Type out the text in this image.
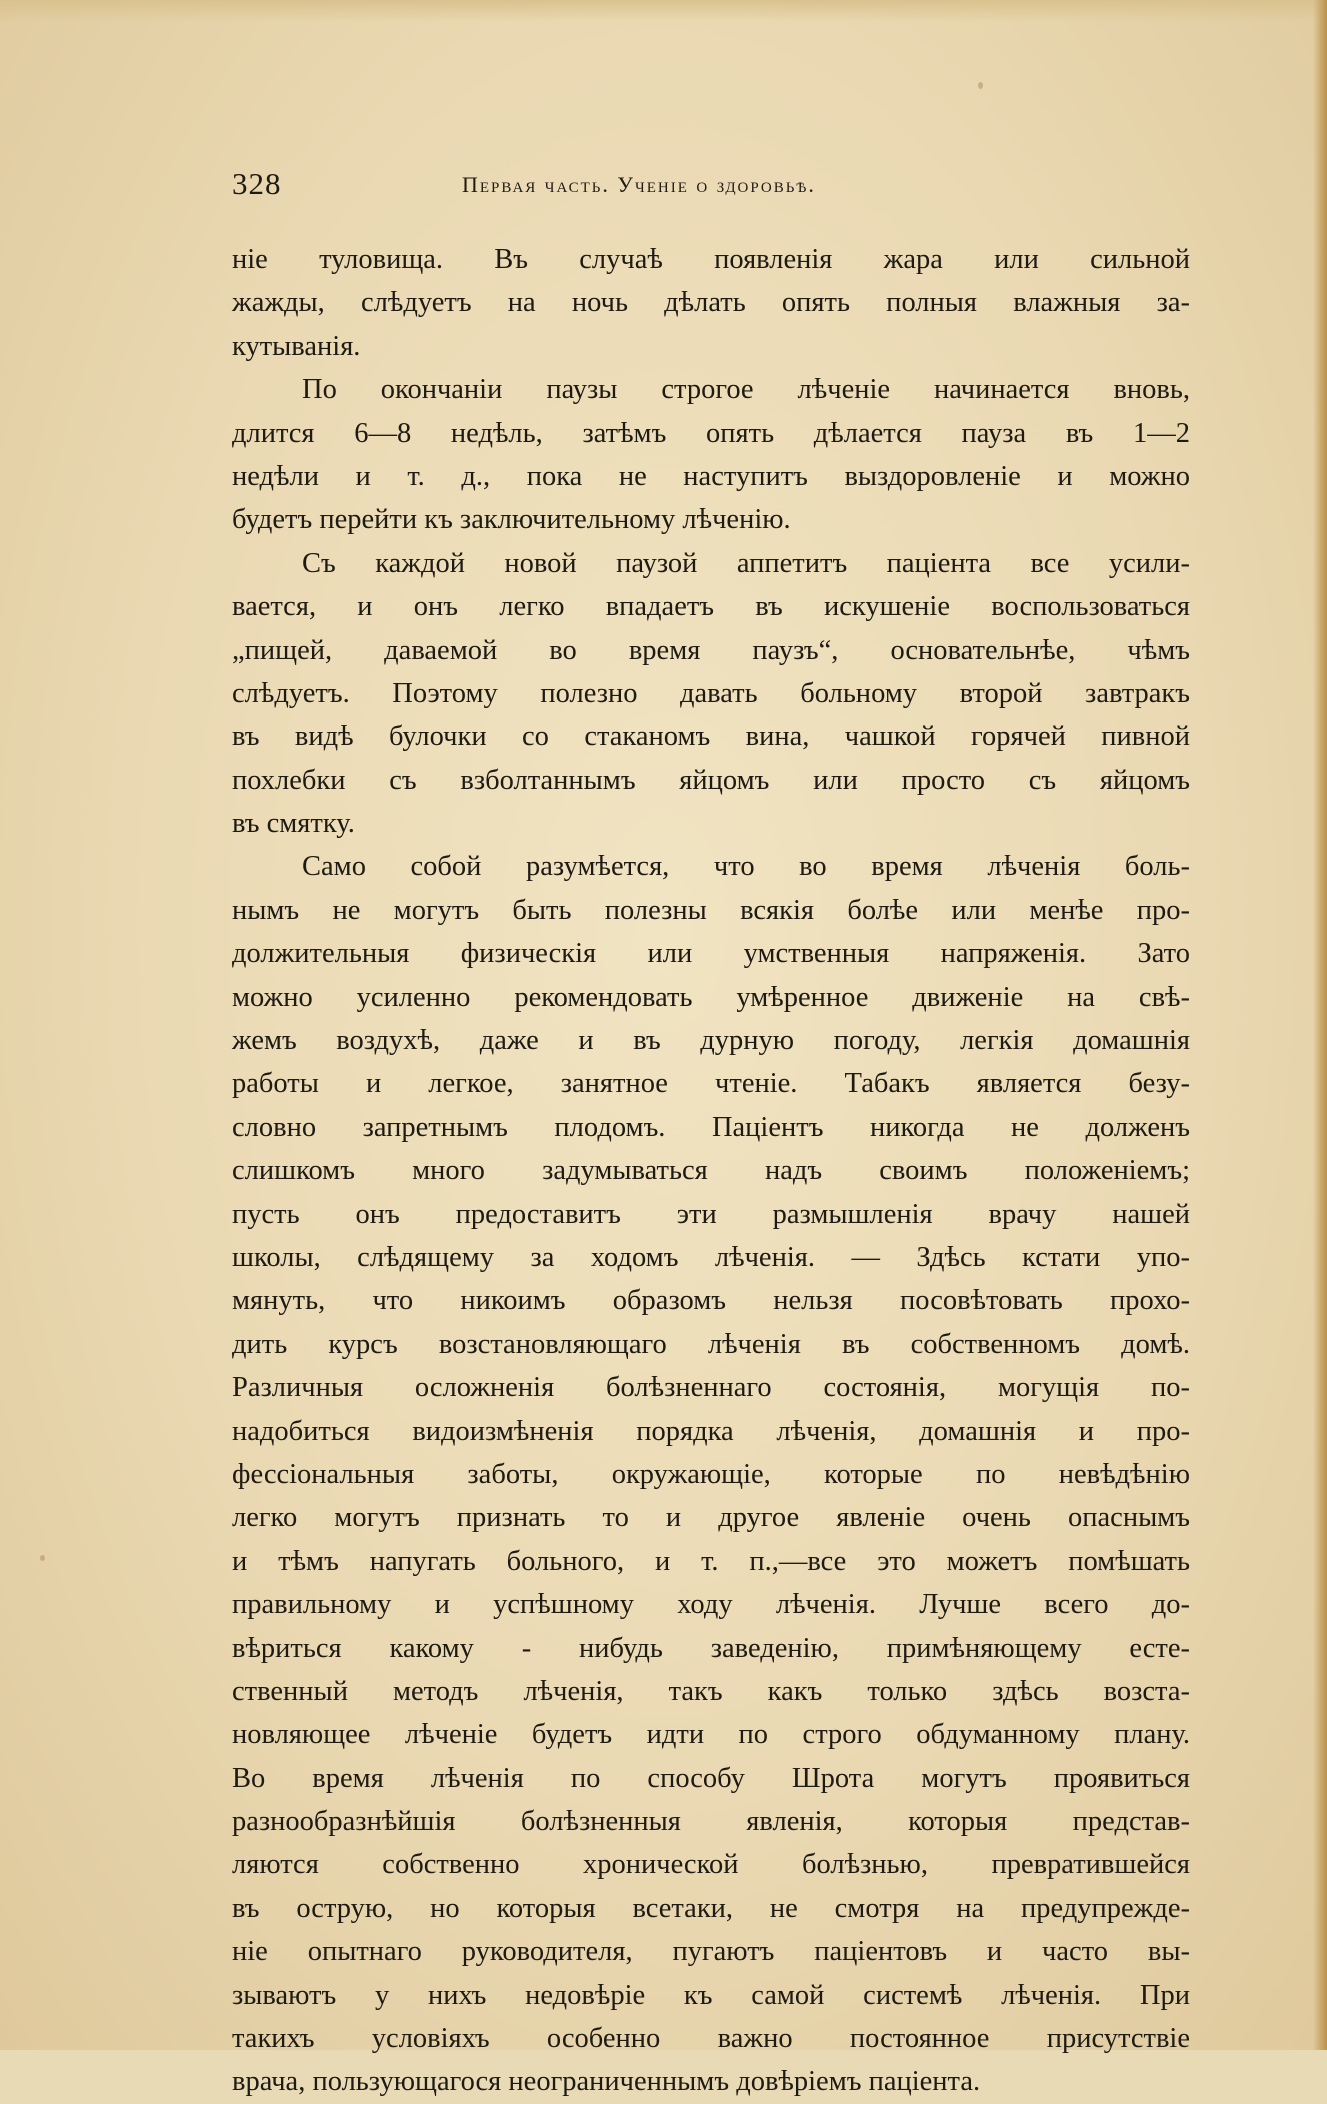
328	Первая часть. Ученіе о здоровьѣ.
ніе туловища. Въ случаѣ появленія жара или сильной
жажды, слѣдуетъ на ночь дѣлать опять полныя влажныя за-
кутыванія.
По окончаніи паузы строгое лѣченіе начинается вновь,
длится 6—8 недѣль, затѣмъ опять дѣлается пауза въ 1—2
недѣли и т. д., пока не наступитъ выздоровленіе и можно
будетъ перейти къ заключительному лѣченію.
Съ каждой новой паузой аппетитъ паціента все усили-
вается, и онъ легко впадаетъ въ искушеніе воспользоваться
„пищей, даваемой во время паузъ“, основательнѣе, чѣмъ
слѣдуетъ. Поэтому полезно давать больному второй завтракъ
въ видѣ булочки со стаканомъ вина, чашкой горячей пивной
похлебки съ взболтаннымъ яйцомъ или просто съ яйцомъ
въ смятку.
Само собой разумѣется, что во время лѣченія боль-
нымъ не могутъ быть полезны всякія болѣе или менѣе про-
должительныя физическія или умственныя напряженія. Зато
можно усиленно рекомендовать умѣренное движеніе на свѣ-
жемъ воздухѣ, даже и въ дурную погоду, легкія домашнія
работы и легкое, занятное чтеніе. Табакъ является безу-
словно запретнымъ плодомъ. Паціентъ никогда не долженъ
слишкомъ много задумываться надъ своимъ положеніемъ;
пусть онъ предоставитъ эти размышленія врачу нашей
школы, слѣдящему за ходомъ лѣченія. — Здѣсь кстати упо-
мянуть, что никоимъ образомъ нельзя посовѣтовать прохо-
дить курсъ возстановляющаго лѣченія въ собственномъ домѣ.
Различныя осложненія болѣзненнаго состоянія, могущія по-
надобиться видоизмѣненія порядка лѣченія, домашнія и про-
фессіональныя заботы, окружающіе, которые по невѣдѣнію
легко могутъ признать то и другое явленіе очень опаснымъ
и тѣмъ напугать больного, и т. п.,—все это можетъ помѣшать
правильному и успѣшному ходу лѣченія. Лучше всего до-
вѣриться какому - нибудь заведенію, примѣняющему есте-
ственный методъ лѣченія, такъ какъ только здѣсь возста-
новляющее лѣченіе будетъ идти по строго обдуманному плану.
Во время лѣченія по способу Шрота могутъ проявиться
разнообразнѣйшія болѣзненныя явленія, которыя представ-
ляются собственно хронической болѣзнью, превратившейся
въ острую, но которыя всетаки, не смотря на предупрежде-
ніе опытнаго руководителя, пугаютъ паціентовъ и часто вы-
зываютъ у нихъ недовѣріе къ самой системѣ лѣченія. При
такихъ условіяхъ особенно важно постоянное присутствіе
врача, пользующагося неограниченнымъ довѣріемъ паціента.
